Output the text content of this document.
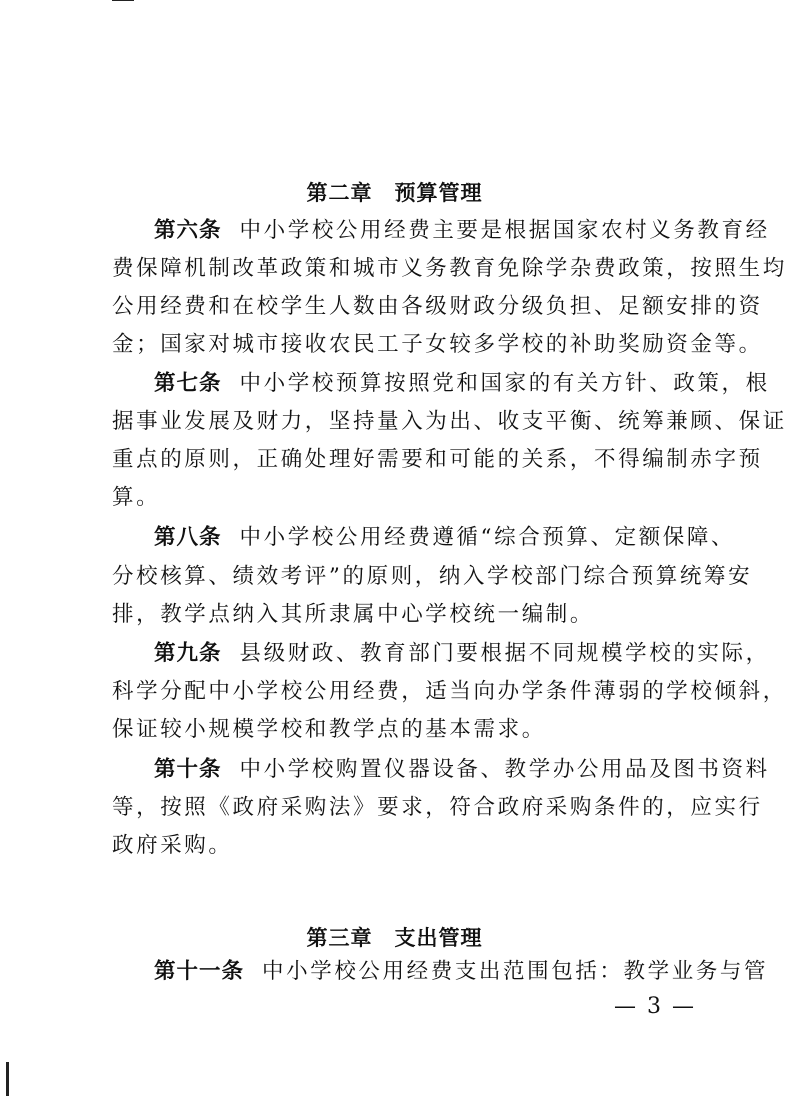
第二章 预算管理
第六条 中小学校公用经费主要是根据国家农村义务教育经
费保障机制改革政策和城市义务教育免除学杂费政策，按照生均
公用经费和在校学生人数由各级财政分级负担、足额安排的资
金；国家对城市接收农民工子女较多学校的补助奖励资金等。
第七条 中小学校预算按照党和国家的有关方针、政策，根
据事业发展及财力，坚持量入为出、收支平衡、统筹兼顾、保证
重点的原则，正确处理好需要和可能的关系，不得编制赤字预
算。
第八条 中小学校公用经费遵循“综合预算、定额保障、
分校核算、绩效考评”的原则，纳入学校部门综合预算统筹安
排，教学点纳入其所隶属中心学校统一编制。
第九条 县级财政、教育部门要根据不同规模学校的实际，
科学分配中小学校公用经费，适当向办学条件薄弱的学校倾斜，
保证较小规模学校和教学点的基本需求。
第十条 中小学校购置仪器设备、教学办公用品及图书资料
等，按照《政府采购法》要求，符合政府采购条件的，应实行
政府采购。
第三章 支出管理
第十一条 中小学校公用经费支出范围包括：教学业务与管
— 3 —
